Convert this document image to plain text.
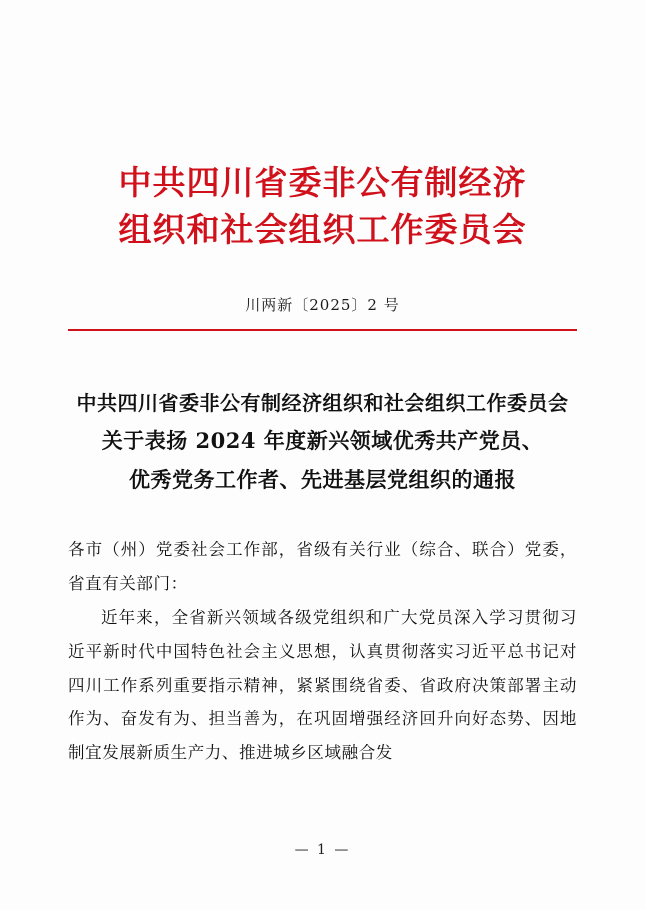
中共四川省委非公有制经济
组织和社会组织工作委员会
川两新〔2025〕2 号
中共四川省委非公有制经济组织和社会组织工作委员会
关于表扬 2024 年度新兴领域优秀共产党员、
优秀党务工作者、先进基层党组织的通报
各市（州）党委社会工作部，省级有关行业（综合、联合）党委，省直有关部门：
近年来，全省新兴领域各级党组织和广大党员深入学习贯彻习近平新时代中国特色社会主义思想，认真贯彻落实习近平总书记对四川工作系列重要指示精神，紧紧围绕省委、省政府决策部署主动作为、奋发有为、担当善为，在巩固增强经济回升向好态势、因地制宜发展新质生产力、推进城乡区域融合发
— 1 —
